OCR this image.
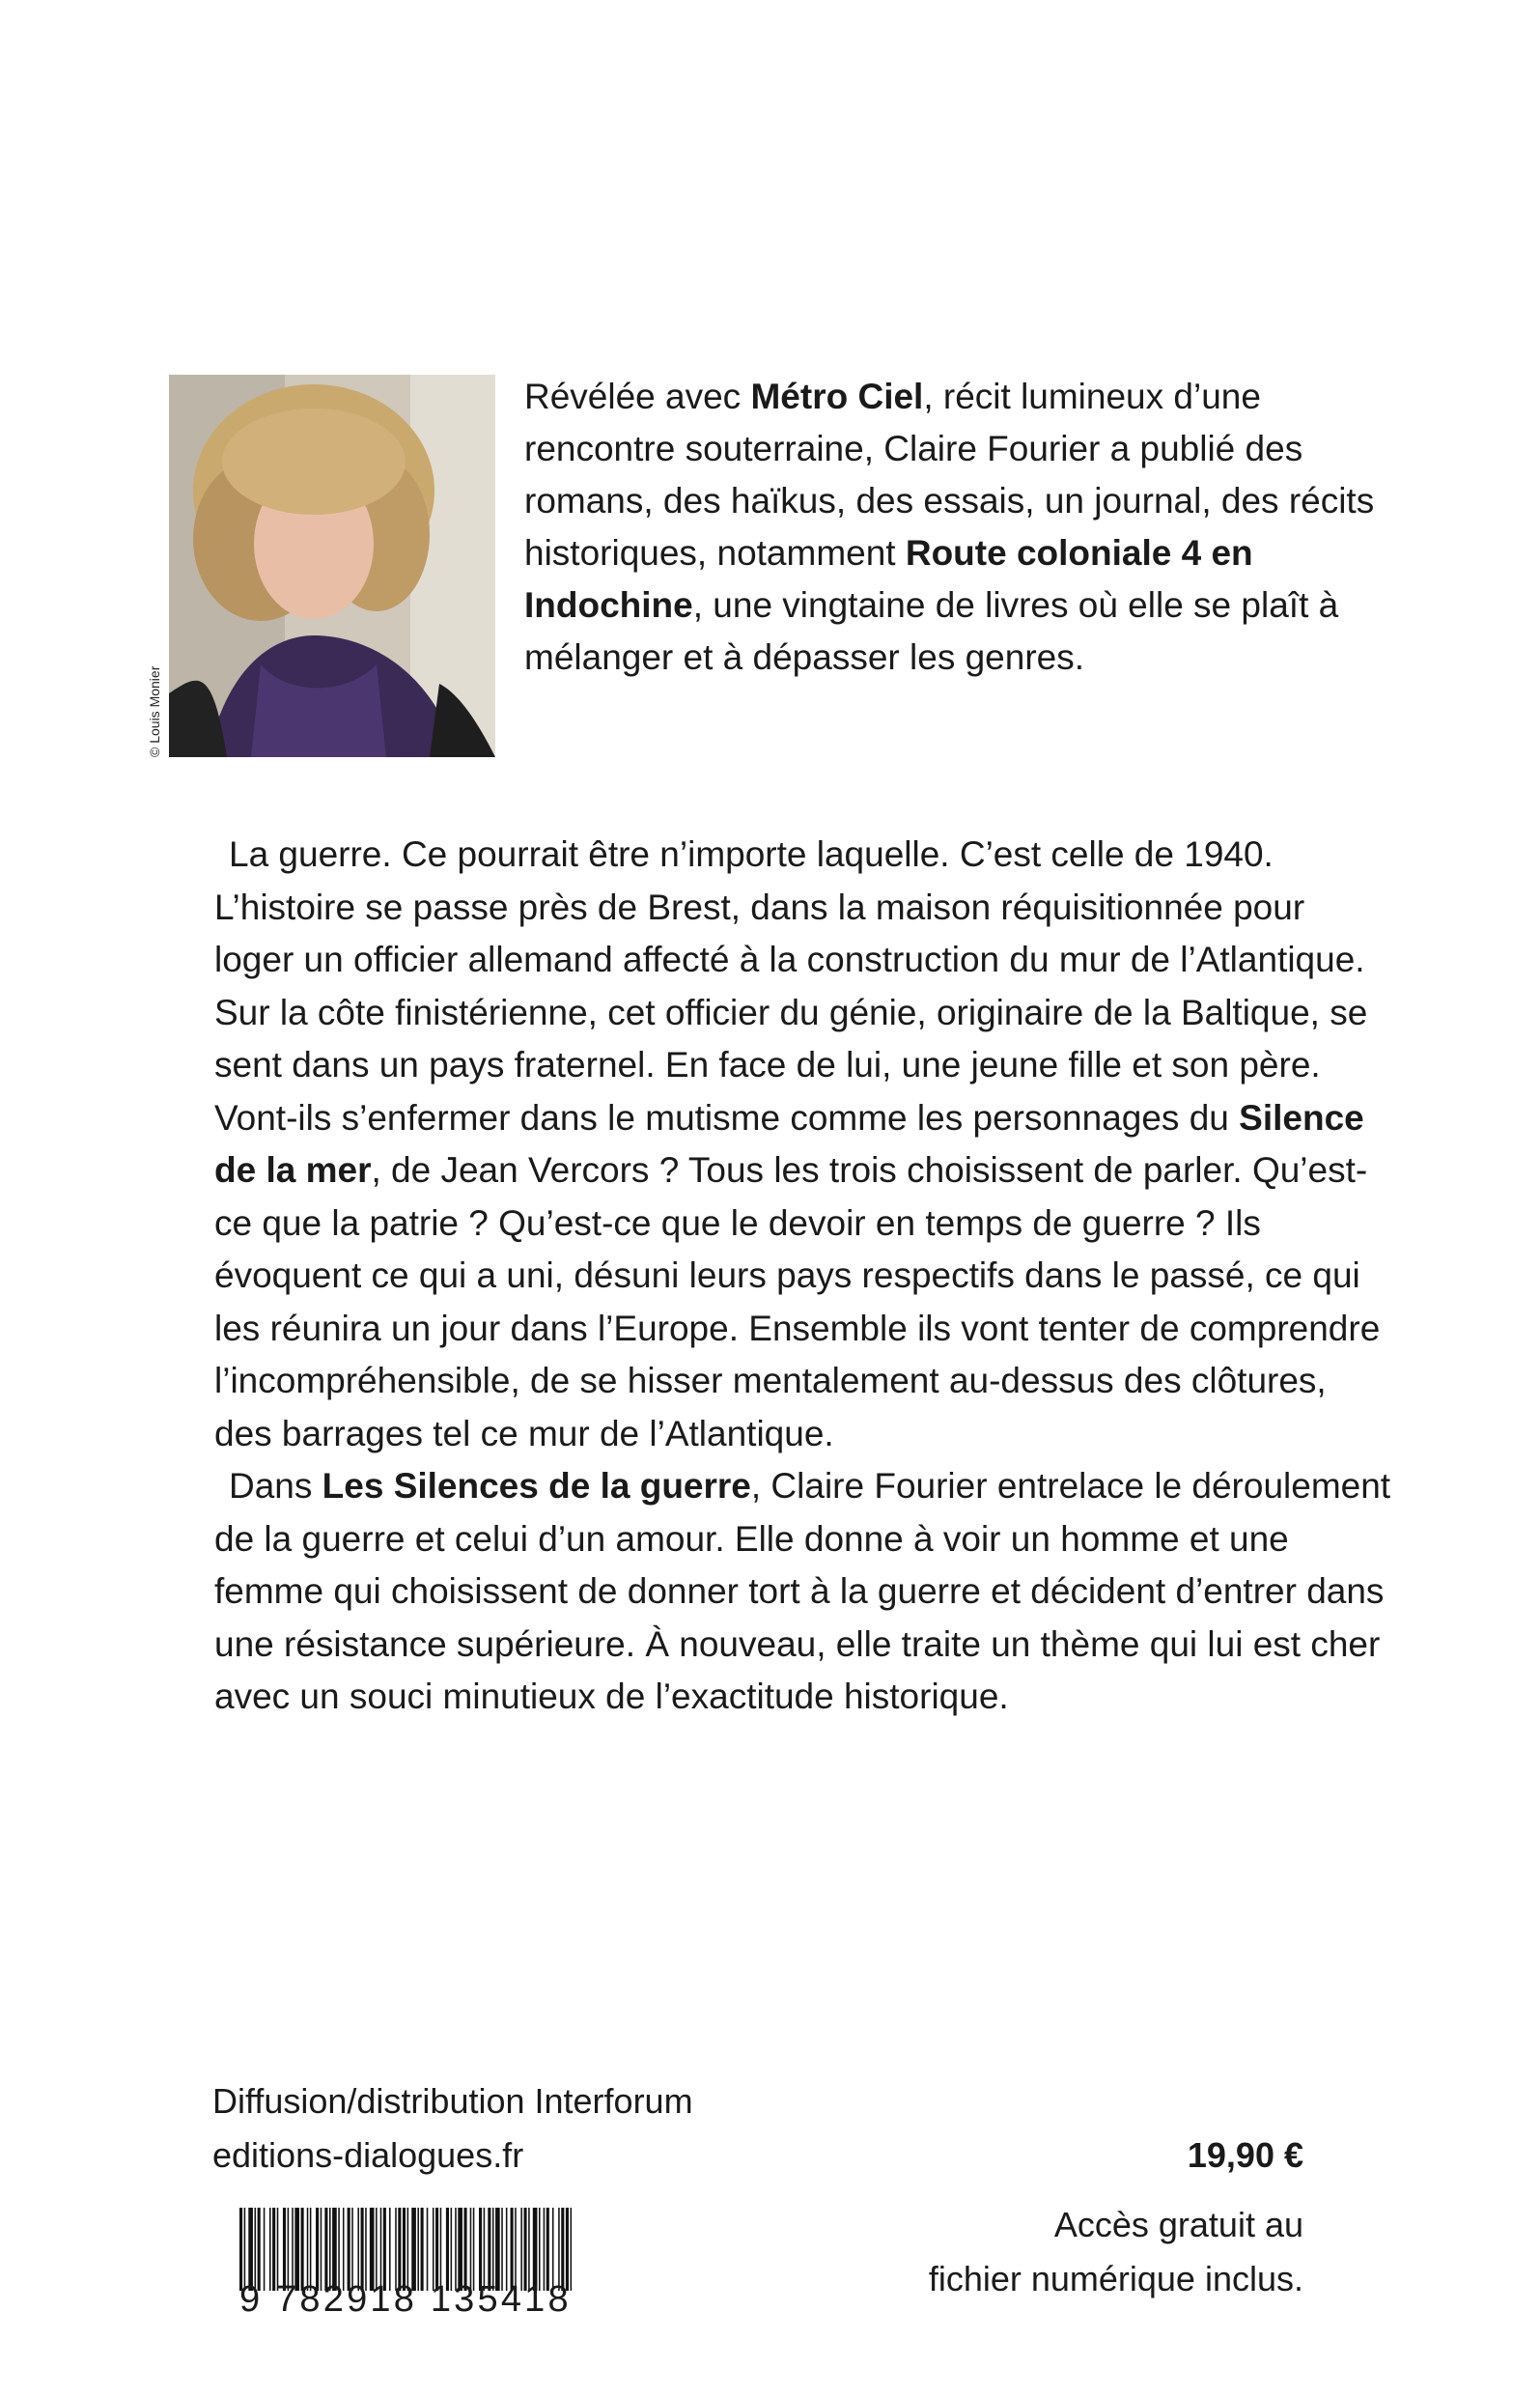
© Louis Monier

Révélée avec Métro Ciel, récit lumineux d’une rencontre souterraine, Claire Fourier a publié des romans, des haïkus, des essais, un journal, des récits historiques, notamment Route coloniale 4 en Indochine, une vingtaine de livres où elle se plaît à mélanger et à dépasser les genres.

La guerre. Ce pourrait être n’importe laquelle. C’est celle de 1940. L’histoire se passe près de Brest, dans la maison réquisitionnée pour loger un officier allemand affecté à la construction du mur de l’Atlantique. Sur la côte finistérienne, cet officier du génie, originaire de la Baltique, se sent dans un pays fraternel. En face de lui, une jeune fille et son père. Vont-ils s’enfermer dans le mutisme comme les personnages du Silence de la mer, de Jean Vercors ? Tous les trois choisissent de parler. Qu’est-ce que la patrie ? Qu’est-ce que le devoir en temps de guerre ? Ils évoquent ce qui a uni, désuni leurs pays respectifs dans le passé, ce qui les réunira un jour dans l’Europe. Ensemble ils vont tenter de comprendre l’incompréhensible, de se hisser mentalement au-dessus des clôtures, des barrages tel ce mur de l’Atlantique.

Dans Les Silences de la guerre, Claire Fourier entrelace le déroulement de la guerre et celui d’un amour. Elle donne à voir un homme et une femme qui choisissent de donner tort à la guerre et décident d’entrer dans une résistance supérieure. À nouveau, elle traite un thème qui lui est cher avec un souci minutieux de l’exactitude historique.

Diffusion/distribution Interforum
editions-dialogues.fr	19,90 €
Accès gratuit au
fichier numérique inclus.
9 782918 135418
